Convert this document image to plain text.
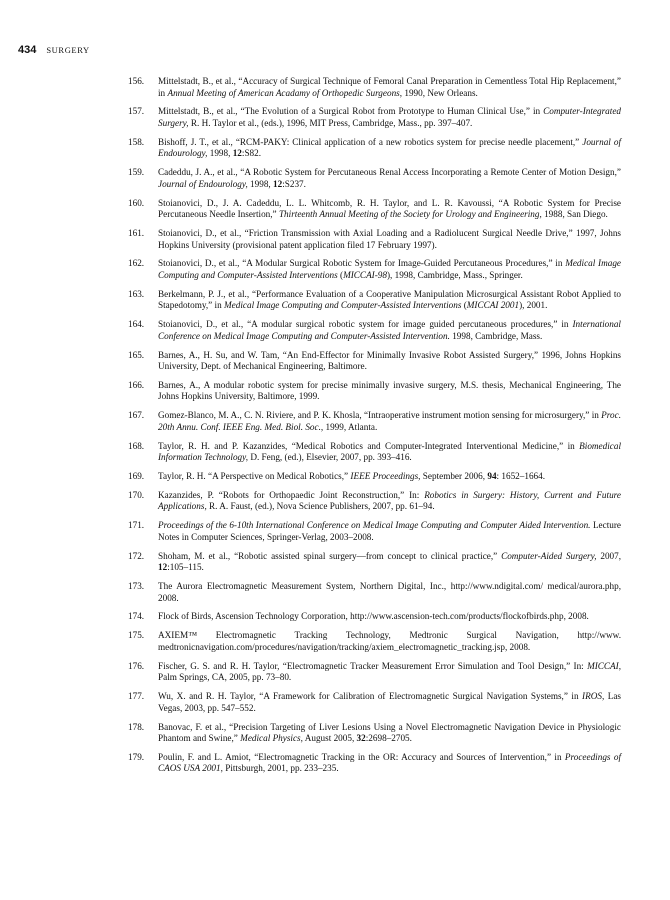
434 SURGERY
156.	Mittelstadt, B., et al., “Accuracy of Surgical Technique of Femoral Canal Preparation in Cementless Total Hip Replacement,” in Annual Meeting of American Acadamy of Orthopedic Surgeons, 1990, New Orleans.
157.	Mittelstadt, B., et al., “The Evolution of a Surgical Robot from Prototype to Human Clinical Use,” in Computer-Integrated Surgery, R. H. Taylor et al., (eds.), 1996, MIT Press, Cambridge, Mass., pp. 397–407.
158.	Bishoff, J. T., et al., “RCM-PAKY: Clinical application of a new robotics system for precise needle placement,” Journal of Endourology, 1998, 12:S82.
159.	Cadeddu, J. A., et al., “A Robotic System for Percutaneous Renal Access Incorporating a Remote Center of Motion Design,” Journal of Endourology, 1998, 12:S237.
160.	Stoianovici, D., J. A. Cadeddu, L. L. Whitcomb, R. H. Taylor, and L. R. Kavoussi, “A Robotic System for Precise Percutaneous Needle Insertion,” Thirteenth Annual Meeting of the Society for Urology and Engineering, 1988, San Diego.
161.	Stoianovici, D., et al., “Friction Transmission with Axial Loading and a Radiolucent Surgical Needle Drive,” 1997, Johns Hopkins University (provisional patent application filed 17 February 1997).
162.	Stoianovici, D., et al., “A Modular Surgical Robotic System for Image-Guided Percutaneous Procedures,” in Medical Image Computing and Computer-Assisted Interventions (MICCAI-98), 1998, Cambridge, Mass., Springer.
163.	Berkelmann, P. J., et al., “Performance Evaluation of a Cooperative Manipulation Microsurgical Assistant Robot Applied to Stapedotomy,” in Medical Image Computing and Computer-Assisted Interventions (MICCAI 2001), 2001.
164.	Stoianovici, D., et al., “A modular surgical robotic system for image guided percutaneous procedures,” in International Conference on Medical Image Computing and Computer-Assisted Intervention. 1998, Cambridge, Mass.
165.	Barnes, A., H. Su, and W. Tam, “An End-Effector for Minimally Invasive Robot Assisted Surgery,” 1996, Johns Hopkins University, Dept. of Mechanical Engineering, Baltimore.
166.	Barnes, A., A modular robotic system for precise minimally invasive surgery, M.S. thesis, Mechanical Engineering, The Johns Hopkins University, Baltimore, 1999.
167.	Gomez-Blanco, M. A., C. N. Riviere, and P. K. Khosla, “Intraoperative instrument motion sensing for microsurgery,” in Proc. 20th Annu. Conf. IEEE Eng. Med. Biol. Soc., 1999, Atlanta.
168.	Taylor, R. H. and P. Kazanzides, “Medical Robotics and Computer-Integrated Interventional Medicine,” in Biomedical Information Technology, D. Feng, (ed.), Elsevier, 2007, pp. 393–416.
169.	Taylor, R. H. “A Perspective on Medical Robotics,” IEEE Proceedings, September 2006, 94: 1652–1664.
170.	Kazanzides, P. “Robots for Orthopaedic Joint Reconstruction,” In: Robotics in Surgery: History, Current and Future Applications, R. A. Faust, (ed.), Nova Science Publishers, 2007, pp. 61–94.
171.	Proceedings of the 6-10th International Conference on Medical Image Computing and Computer Aided Intervention. Lecture Notes in Computer Sciences, Springer-Verlag, 2003–2008.
172.	Shoham, M. et al., “Robotic assisted spinal surgery—from concept to clinical practice,” Computer-Aided Surgery, 2007, 12:105–115.
173.	The Aurora Electromagnetic Measurement System, Northern Digital, Inc., http://www.ndigital.com/ medical/aurora.php, 2008.
174.	Flock of Birds, Ascension Technology Corporation, http://www.ascension-tech.com/products/flockofbirds.php, 2008.
175.	AXIEM™ Electromagnetic Tracking Technology, Medtronic Surgical Navigation, http://www. medtronicnavigation.com/procedures/navigation/tracking/axiem_electromagnetic_tracking.jsp, 2008.
176.	Fischer, G. S. and R. H. Taylor, “Electromagnetic Tracker Measurement Error Simulation and Tool Design,” In: MICCAI, Palm Springs, CA, 2005, pp. 73–80.
177.	Wu, X. and R. H. Taylor, “A Framework for Calibration of Electromagnetic Surgical Navigation Systems,” in IROS, Las Vegas, 2003, pp. 547–552.
178.	Banovac, F. et al., “Precision Targeting of Liver Lesions Using a Novel Electromagnetic Navigation Device in Physiologic Phantom and Swine,” Medical Physics, August 2005, 32:2698–2705.
179.	Poulin, F. and L. Amiot, “Electromagnetic Tracking in the OR: Accuracy and Sources of Intervention,” in Proceedings of CAOS USA 2001, Pittsburgh, 2001, pp. 233–235.
